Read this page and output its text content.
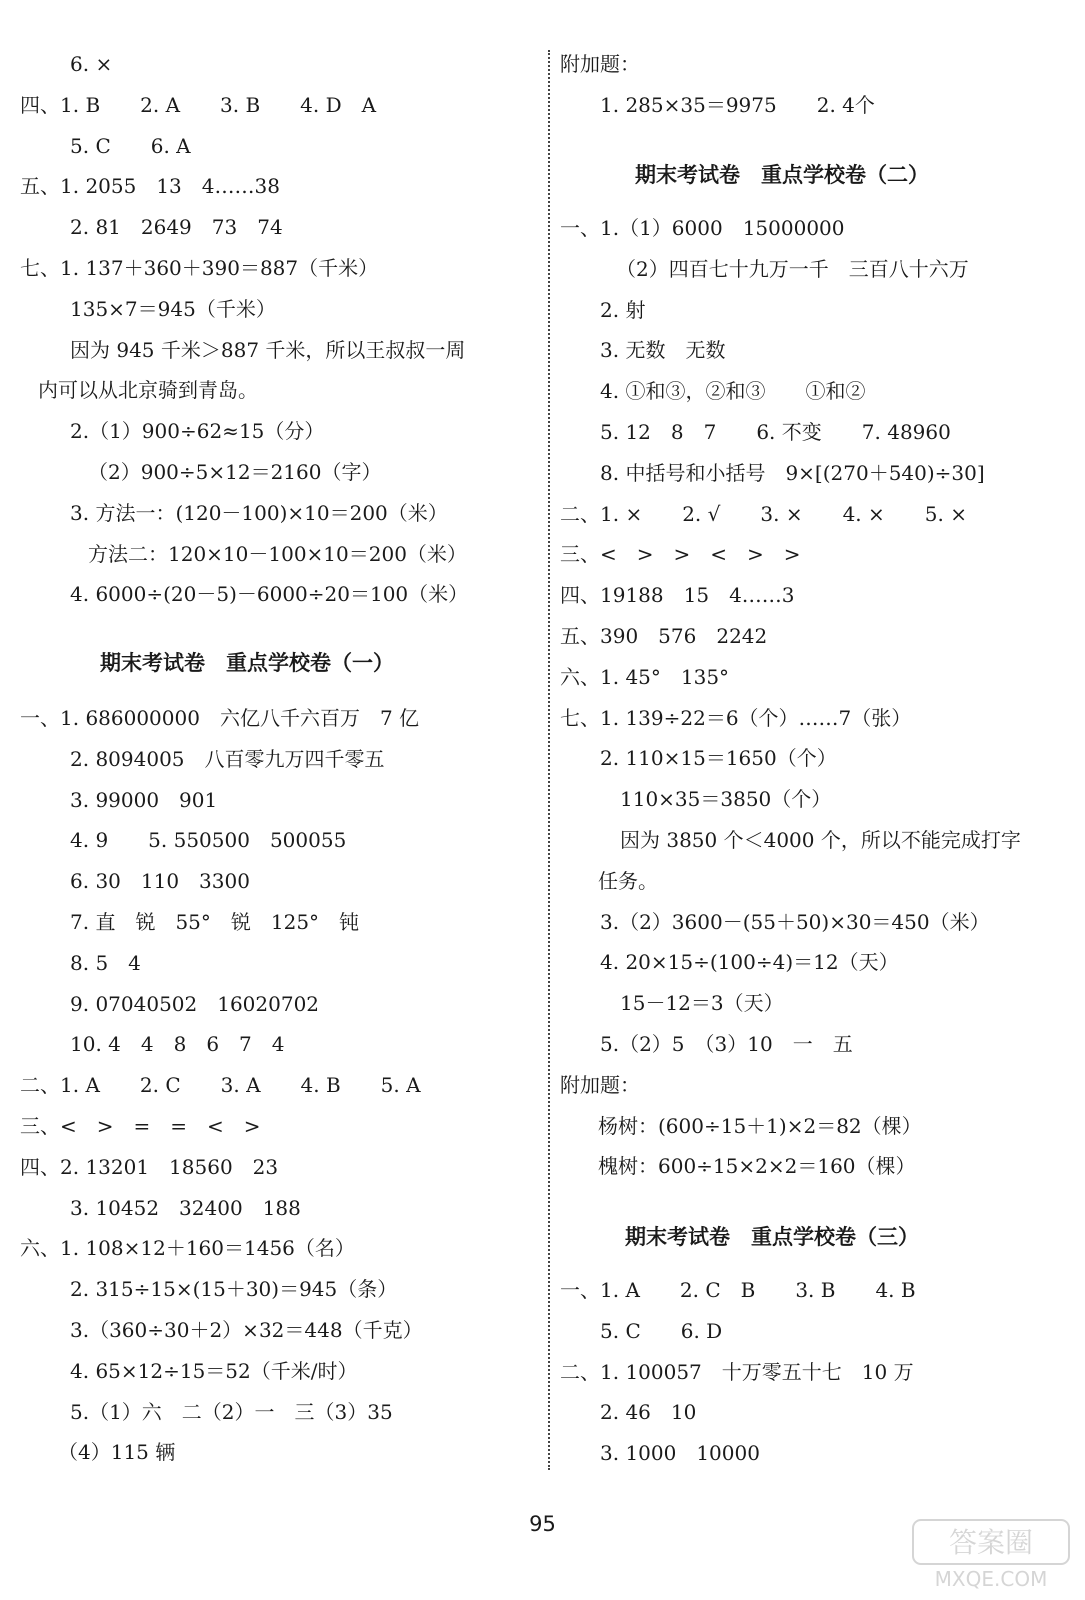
6. ×
四、1. B　　2. A　　3. B　　4. D　A
5. C　　6. A
五、1. 2055　13　4……38
2. 81　2649　73　74
七、1. 137＋360＋390＝887（千米）
135×7＝945（千米）
因为 945 千米＞887 千米，所以王叔叔一周
内可以从北京骑到青岛。
2.（1）900÷62≈15（分）
（2）900÷5×12＝2160（字）
3. 方法一：(120－100)×10＝200（米）
方法二：120×10－100×10＝200（米）
4. 6000÷(20－5)－6000÷20＝100（米）
期末考试卷　重点学校卷（一）
一、1. 686000000　六亿八千六百万　7 亿
2. 8094005　八百零九万四千零五
3. 99000　901
4. 9　　5. 550500　500055
6. 30　110　3300
7. 直　锐　55°　锐　125°　钝
8. 5　4
9. 07040502　16020702
10. 4　4　8　6　7　4
二、1. A　　2. C　　3. A　　4. B　　5. A
三、<　>　=　=　<　>
四、2. 13201　18560　23
3. 10452　32400　188
六、1. 108×12＋160＝1456（名）
2. 315÷15×(15＋30)＝945（条）
3.（360÷30＋2）×32＝448（千克）
4. 65×12÷15＝52（千米/时）
5.（1）六　二（2）一　三（3）35
（4）115 辆
附加题：
1. 285×35＝9975　　2. 4个
期末考试卷　重点学校卷（二）
一、1.（1）6000　15000000
（2）四百七十九万一千　三百八十六万
2. 射
3. 无数　无数
4. ①和③，②和③　　①和②
5. 12　8　7　　6. 不变　　7. 48960
8. 中括号和小括号　9×[(270＋540)÷30]
二、1. ×　　2. √　　3. ×　　4. ×　　5. ×
三、<　>　>　<　>　>
四、19188　15　4……3
五、390　576　2242
六、1. 45°　135°
七、1. 139÷22＝6（个）……7（张）
2. 110×15＝1650（个）
110×35＝3850（个）
因为 3850 个＜4000 个，所以不能完成打字
任务。
3.（2）3600－(55＋50)×30＝450（米）
4. 20×15÷(100÷4)＝12（天）
15－12＝3（天）
5.（2）5　（3）10　一　五
附加题：
杨树：(600÷15＋1)×2＝82（棵）
槐树：600÷15×2×2＝160（棵）
期末考试卷　重点学校卷（三）
一、1. A　　2. C　B　　3. B　　4. B
5. C　　6. D
二、1. 100057　十万零五十七　10 万
2. 46　10
3. 1000　10000
95
答案圈
MXQE.COM
